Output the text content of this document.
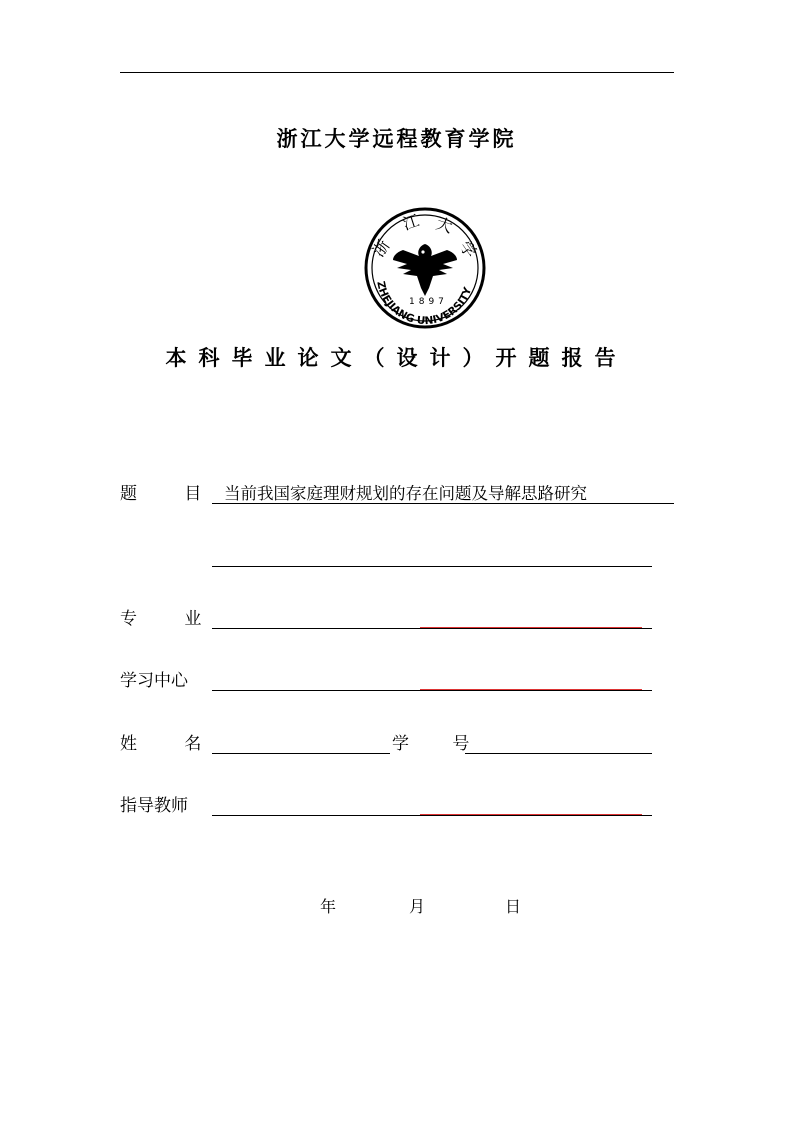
浙江大学远程教育学院
浙
江 大
学
1897
ZHEJIANG UNIVERSITY
本科毕业论文（设计）开题报告
题 目 当前我国家庭理财规划的存在问题及导解思路研究
专 业
学习中心
姓 名	学 号
指导教师
年	月	日
